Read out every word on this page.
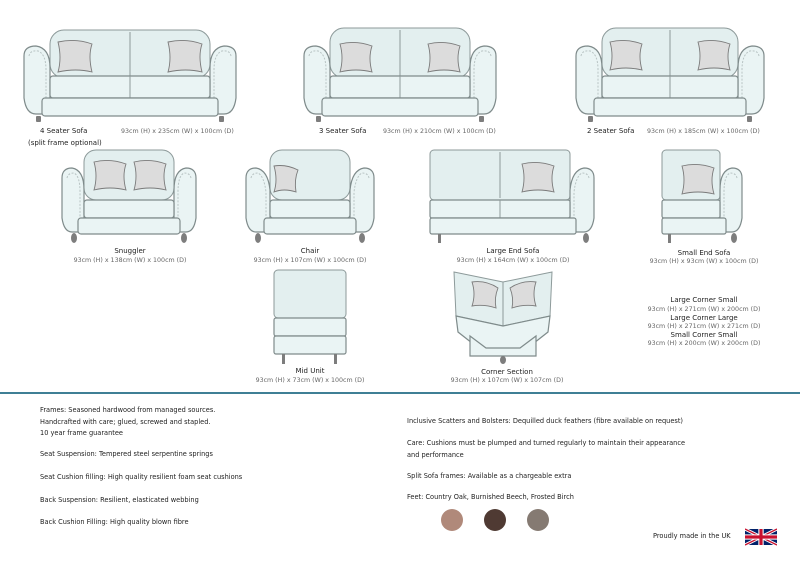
4 Seater Sofa
(split frame optional)
93cm (H) x 235cm (W) x 100cm (D)	3 Seater Sofa	93cm (H) x 210cm (W) x 100cm (D)	2 Seater Sofa 93cm (H) x 185cm (W) x 100cm (D)
Snuggler
93cm (H) x 138cm (W) x 100cm (D)
Chair
93cm (H) x 107cm (W) x 100cm (D)
Large End Sofa
93cm (H) x 164cm (W) x 100cm (D)
Small End Sofa
93cm (H) x 93cm (W) x 100cm (D)
Mid Unit
93cm (H) x 73cm (W) x 100cm (D)
Corner Section
93cm (H) x 107cm (W) x 107cm (D)
Large Corner Small
93cm (H) x 271cm (W) x 200cm (D)
Large Corner Large
93cm (H) x 271cm (W) x 271cm (D)
Small Corner Small
93cm (H) x 200cm (W) x 200cm (D)
Frames: Seasoned hardwood from managed sources.
Handcrafted with care; glued, screwed and stapled.
10 year frame guarantee
Seat Suspension: Tempered steel serpentine springs
Seat Cushion filling: High quality resilient foam seat cushions
Back Suspension: Resilient, elasticated webbing
Back Cushion Filling: High quality blown fibre
Inclusive Scatters and Bolsters: Dequilled duck feathers (fibre available on request)
Care: Cushions must be plumped and turned regularly to maintain their appearance
and performance
Split Sofa frames: Available as a chargeable extra
Feet: Country Oak, Burnished Beech, Frosted Birch
Proudly made in the UK
